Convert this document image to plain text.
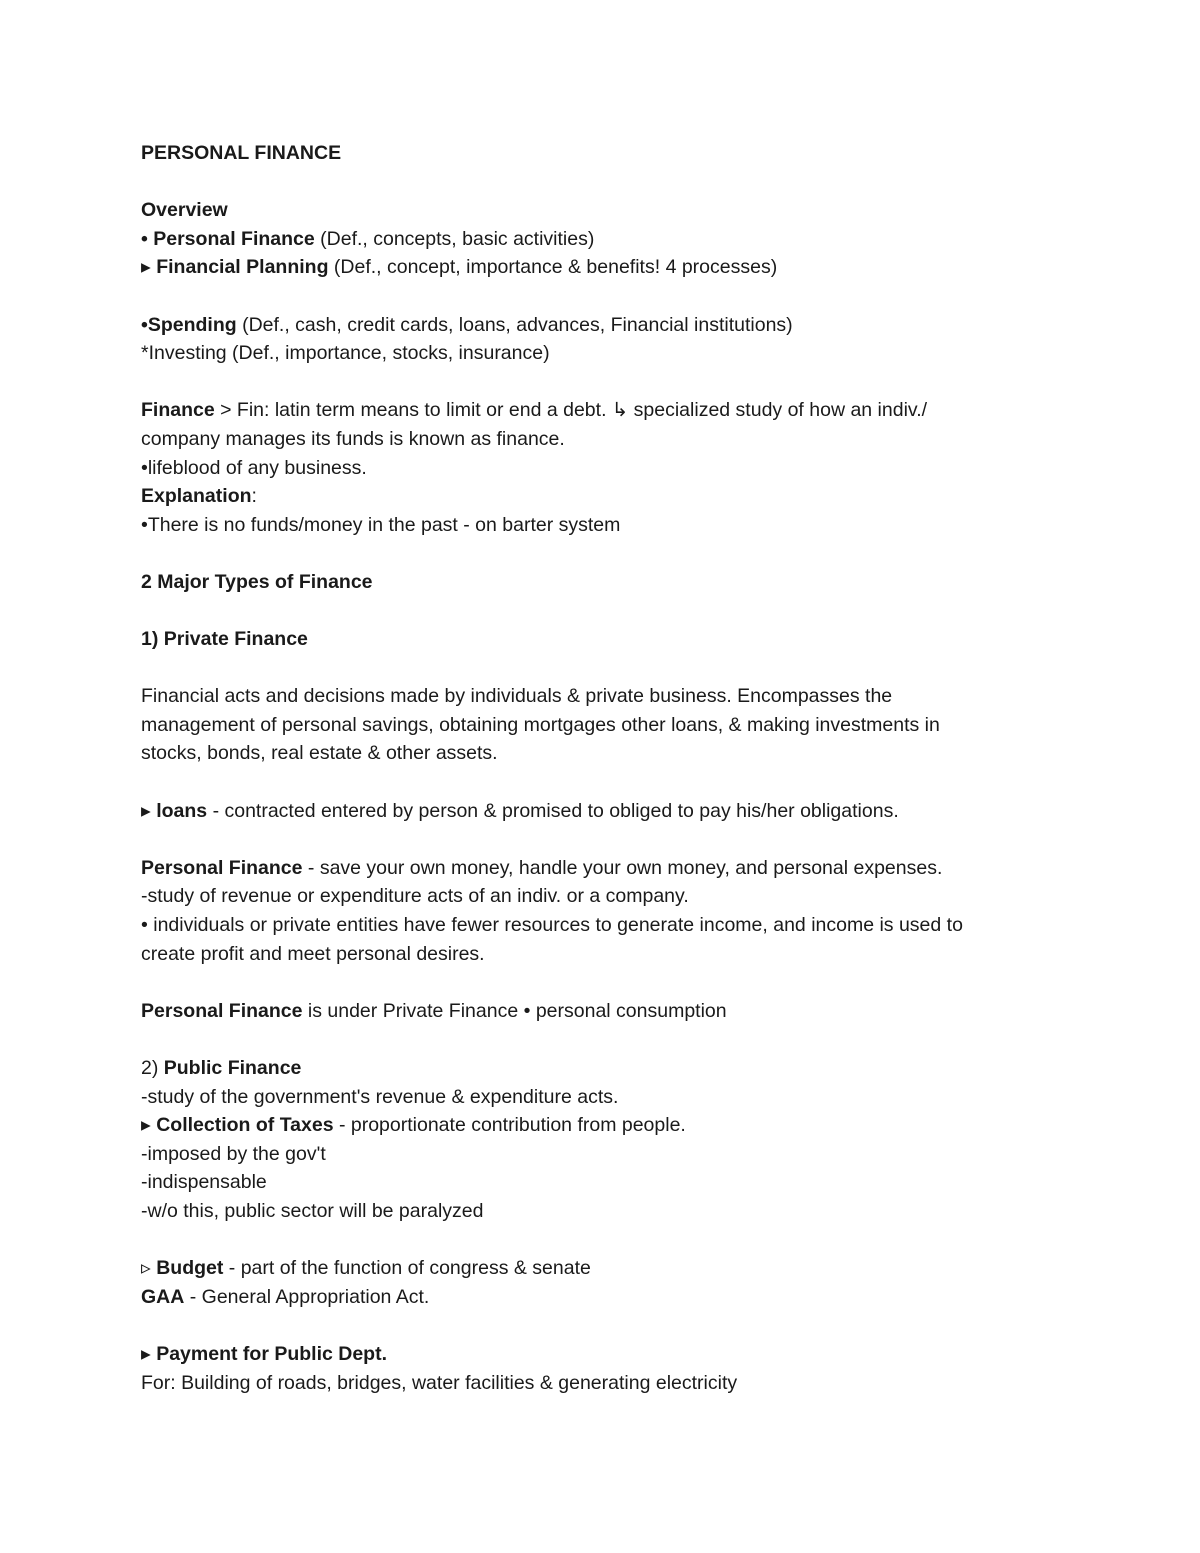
PERSONAL FINANCE
Overview
• Personal Finance (Def., concepts, basic activities)
▸ Financial Planning (Def., concept, importance & benefits! 4 processes)
•Spending (Def., cash, credit cards, loans, advances, Financial institutions)
*Investing (Def., importance, stocks, insurance)
Finance > Fin: latin term means to limit or end a debt. ↳ specialized study of how an indiv./
company manages its funds is known as finance.
•lifeblood of any business.
Explanation:
•There is no funds/money in the past - on barter system
2 Major Types of Finance
1) Private Finance
Financial acts and decisions made by individuals & private business. Encompasses the
management of personal savings, obtaining mortgages other loans, & making investments in
stocks, bonds, real estate & other assets.
▸ loans - contracted entered by person & promised to obliged to pay his/her obligations.
Personal Finance - save your own money, handle your own money, and personal expenses.
-study of revenue or expenditure acts of an indiv. or a company.
• individuals or private entities have fewer resources to generate income, and income is used to
create profit and meet personal desires.
Personal Finance is under Private Finance • personal consumption
2) Public Finance
-study of the government's revenue & expenditure acts.
▸ Collection of Taxes - proportionate contribution from people.
-imposed by the gov't
-indispensable
-w/o this, public sector will be paralyzed
▹ Budget - part of the function of congress & senate
GAA - General Appropriation Act.
▸ Payment for Public Dept.
For: Building of roads, bridges, water facilities & generating electricity
